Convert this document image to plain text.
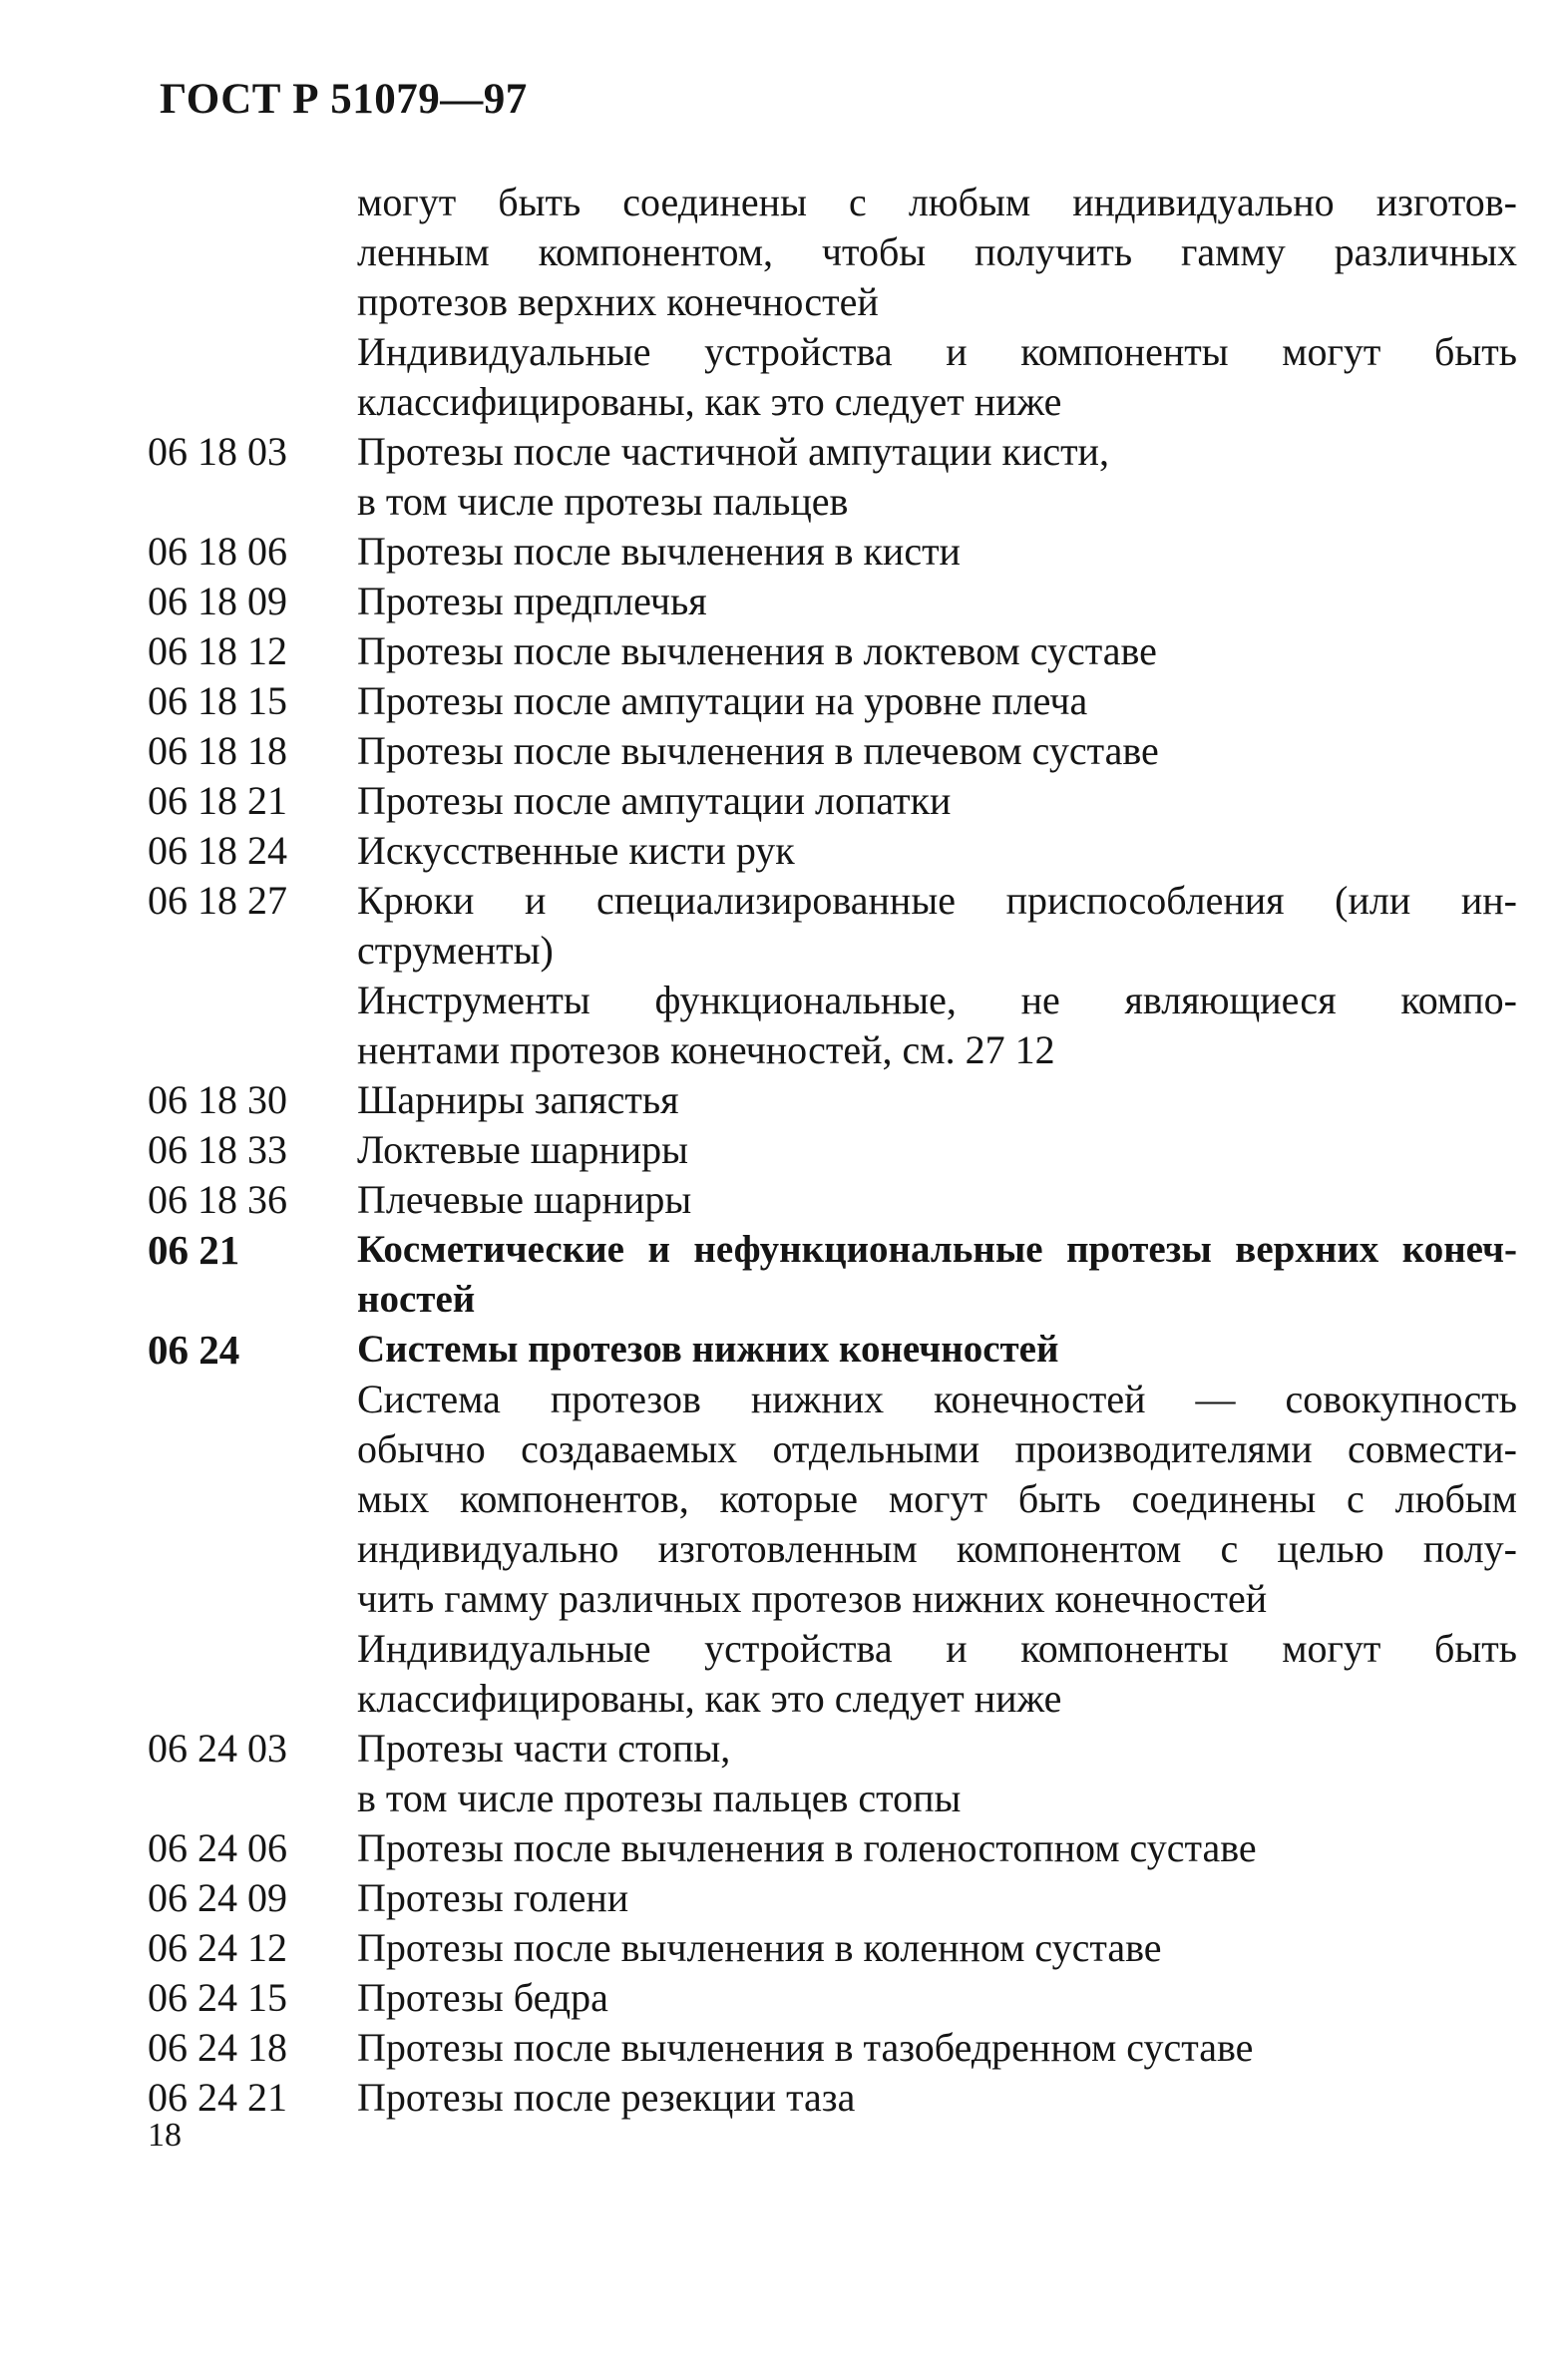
ГОСТ Р 51079—97
могут быть соединены с любым индивидуально изготов-
ленным компонентом, чтобы получить гамму различных
протезов верхних конечностей
Индивидуальные устройства и компоненты могут быть
классифицированы, как это следует ниже
06 18 03	Протезы после частичной ампутации кисти,
в том числе протезы пальцев
06 18 06	Протезы после вычленения в кисти
06 18 09	Протезы предплечья
06 18 12	Протезы после вычленения в локтевом суставе
06 18 15	Протезы после ампутации на уровне плеча
06 18 18	Протезы после вычленения в плечевом суставе
06 18 21	Протезы после ампутации лопатки
06 18 24	Искусственные кисти рук
06 18 27	Крюки и специализированные приспособления (или ин-
струменты)
Инструменты функциональные, не являющиеся компо-
нентами протезов конечностей, см. 27 12
06 18 30	Шарниры запястья
06 18 33	Локтевые шарниры
06 18 36	Плечевые шарниры
06 21	Косметические и нефункциональные протезы верхних конеч-
ностей
06 24	Системы протезов нижних конечностей
Система протезов нижних конечностей — совокупность
обычно создаваемых отдельными производителями совмести-
мых компонентов, которые могут быть соединены с любым
индивидуально изготовленным компонентом с целью полу-
чить гамму различных протезов нижних конечностей
Индивидуальные устройства и компоненты могут быть
классифицированы, как это следует ниже
06 24 03	Протезы части стопы,
в том числе протезы пальцев стопы
06 24 06	Протезы после вычленения в голеностопном суставе
06 24 09	Протезы голени
06 24 12	Протезы после вычленения в коленном суставе
06 24 15	Протезы бедра
06 24 18	Протезы после вычленения в тазобедренном суставе
06 24 21	Протезы после резекции таза
18
